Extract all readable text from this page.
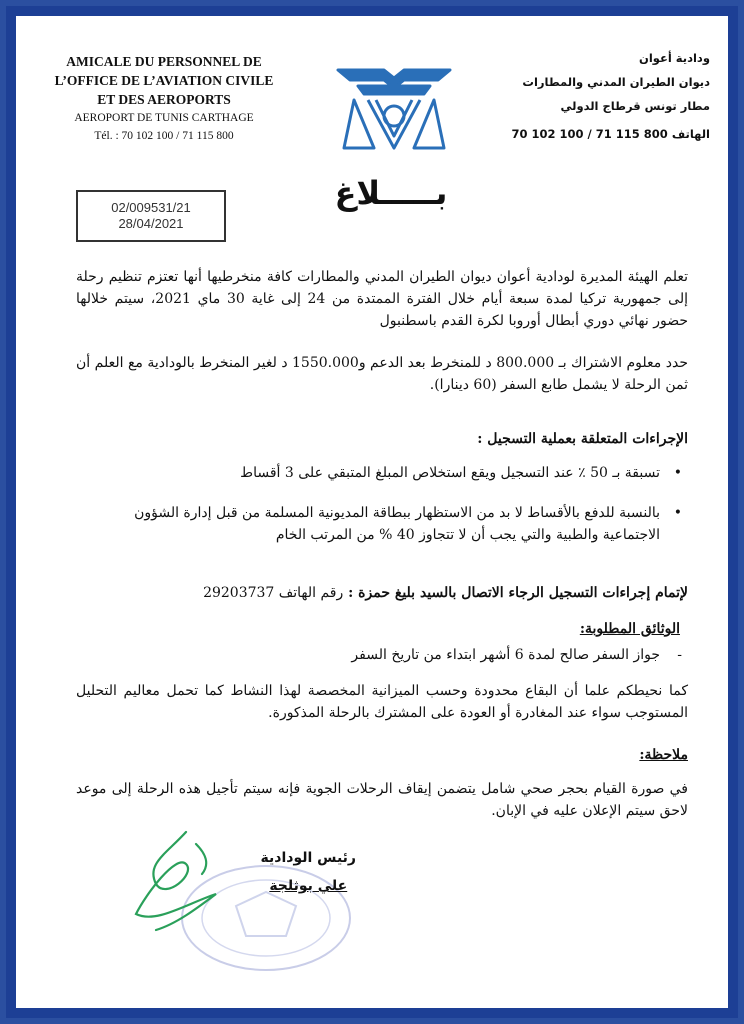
AMICALE DU PERSONNEL DE
L’OFFICE DE L’AVIATION CIVILE
ET DES AEROPORTS
AEROPORT DE TUNIS CARTHAGE
Tél. : 70 102 100 / 71 115 800
ودادية أعوان
ديوان الطيران المدني والمطارات
مطار تونس قرطاج الدولي
الهاتف 800 115 71 / 100 102 70
02/009531/21
28/04/2021
بـــــلاغ
تعلم الهيئة المديرة لودادية أعوان ديوان الطيران المدني والمطارات كافة منخرطيها أنها تعتزم تنظيم رحلة إلى جمهورية تركيا لمدة سبعة أيام خلال الفترة الممتدة من 24 إلى غاية 30 ماي 2021، سيتم خلالها حضور نهائي دوري أبطال أوروبا لكرة القدم باسطنبول
حدد معلوم الاشتراك بـ 800.000 د للمنخرط بعد الدعم و1550.000 د لغير المنخرط بالودادية مع العلم أن ثمن الرحلة لا يشمل طابع السفر (60 دينارا).
الإجراءات المتعلقة بعملية التسجيل :
• تسبقة بـ 50 ٪ عند التسجيل ويقع استخلاص المبلغ المتبقي على 3 أقساط
• بالنسبة للدفع بالأقساط لا بد من الاستظهار ببطاقة المديونية المسلمة من قبل إدارة الشؤون الاجتماعية والطبية والتي يجب أن لا تتجاوز 40 % من المرتب الخام
لإتمام إجراءات التسجيل الرجاء الاتصال بالسيد بليغ حمزة : رقم الهاتف 29203737
الوثائق المطلوبة:
- جواز السفر صالح لمدة 6 أشهر ابتداء من تاريخ السفر
كما نحيطكم علما أن البقاع محدودة وحسب الميزانية المخصصة لهذا النشاط كما تحمل معاليم التحليل المستوجب سواء عند المغادرة أو العودة على المشترك بالرحلة المذكورة.
ملاحظة:
في صورة القيام بحجر صحي شامل يتضمن إيقاف الرحلات الجوية فإنه سيتم تأجيل هذه الرحلة إلى موعد لاحق سيتم الإعلان عليه في الإبان.
رئيس الودادية
علي بوثلجة
